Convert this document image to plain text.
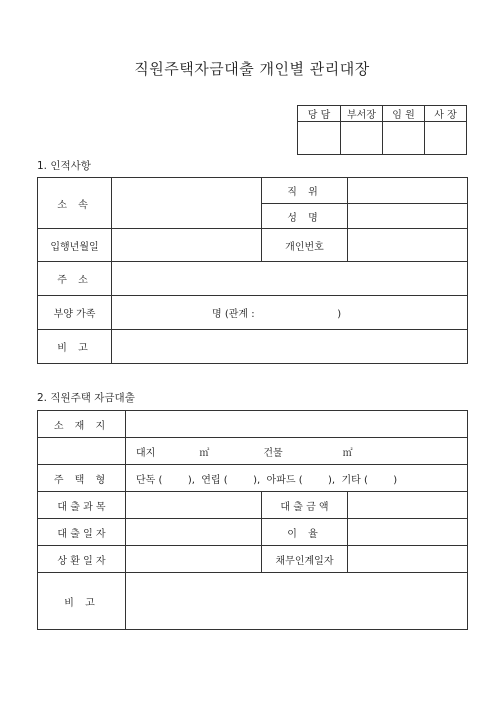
직원주택자금대출 개인별 관리대장
당 담	부서장	임 원	사 장

1. 인적사항
소 속		직 위	
		성 명	
입행년월일		개인번호	
주 소			
부양 가족	명 (관계 :                          )		
비 고			
2. 직원주택 자금대출
소 재 지			
	대지 ㎡ 건물 ㎡		
주 택 형	단독 (        ),  연립 (        ),  아파드 (        ),  기타 (        )		
대 출 과 목		대 출 금 액	
대 출 일 자		이 율	
상 환 일 자		채무인계일자	
비 고			
